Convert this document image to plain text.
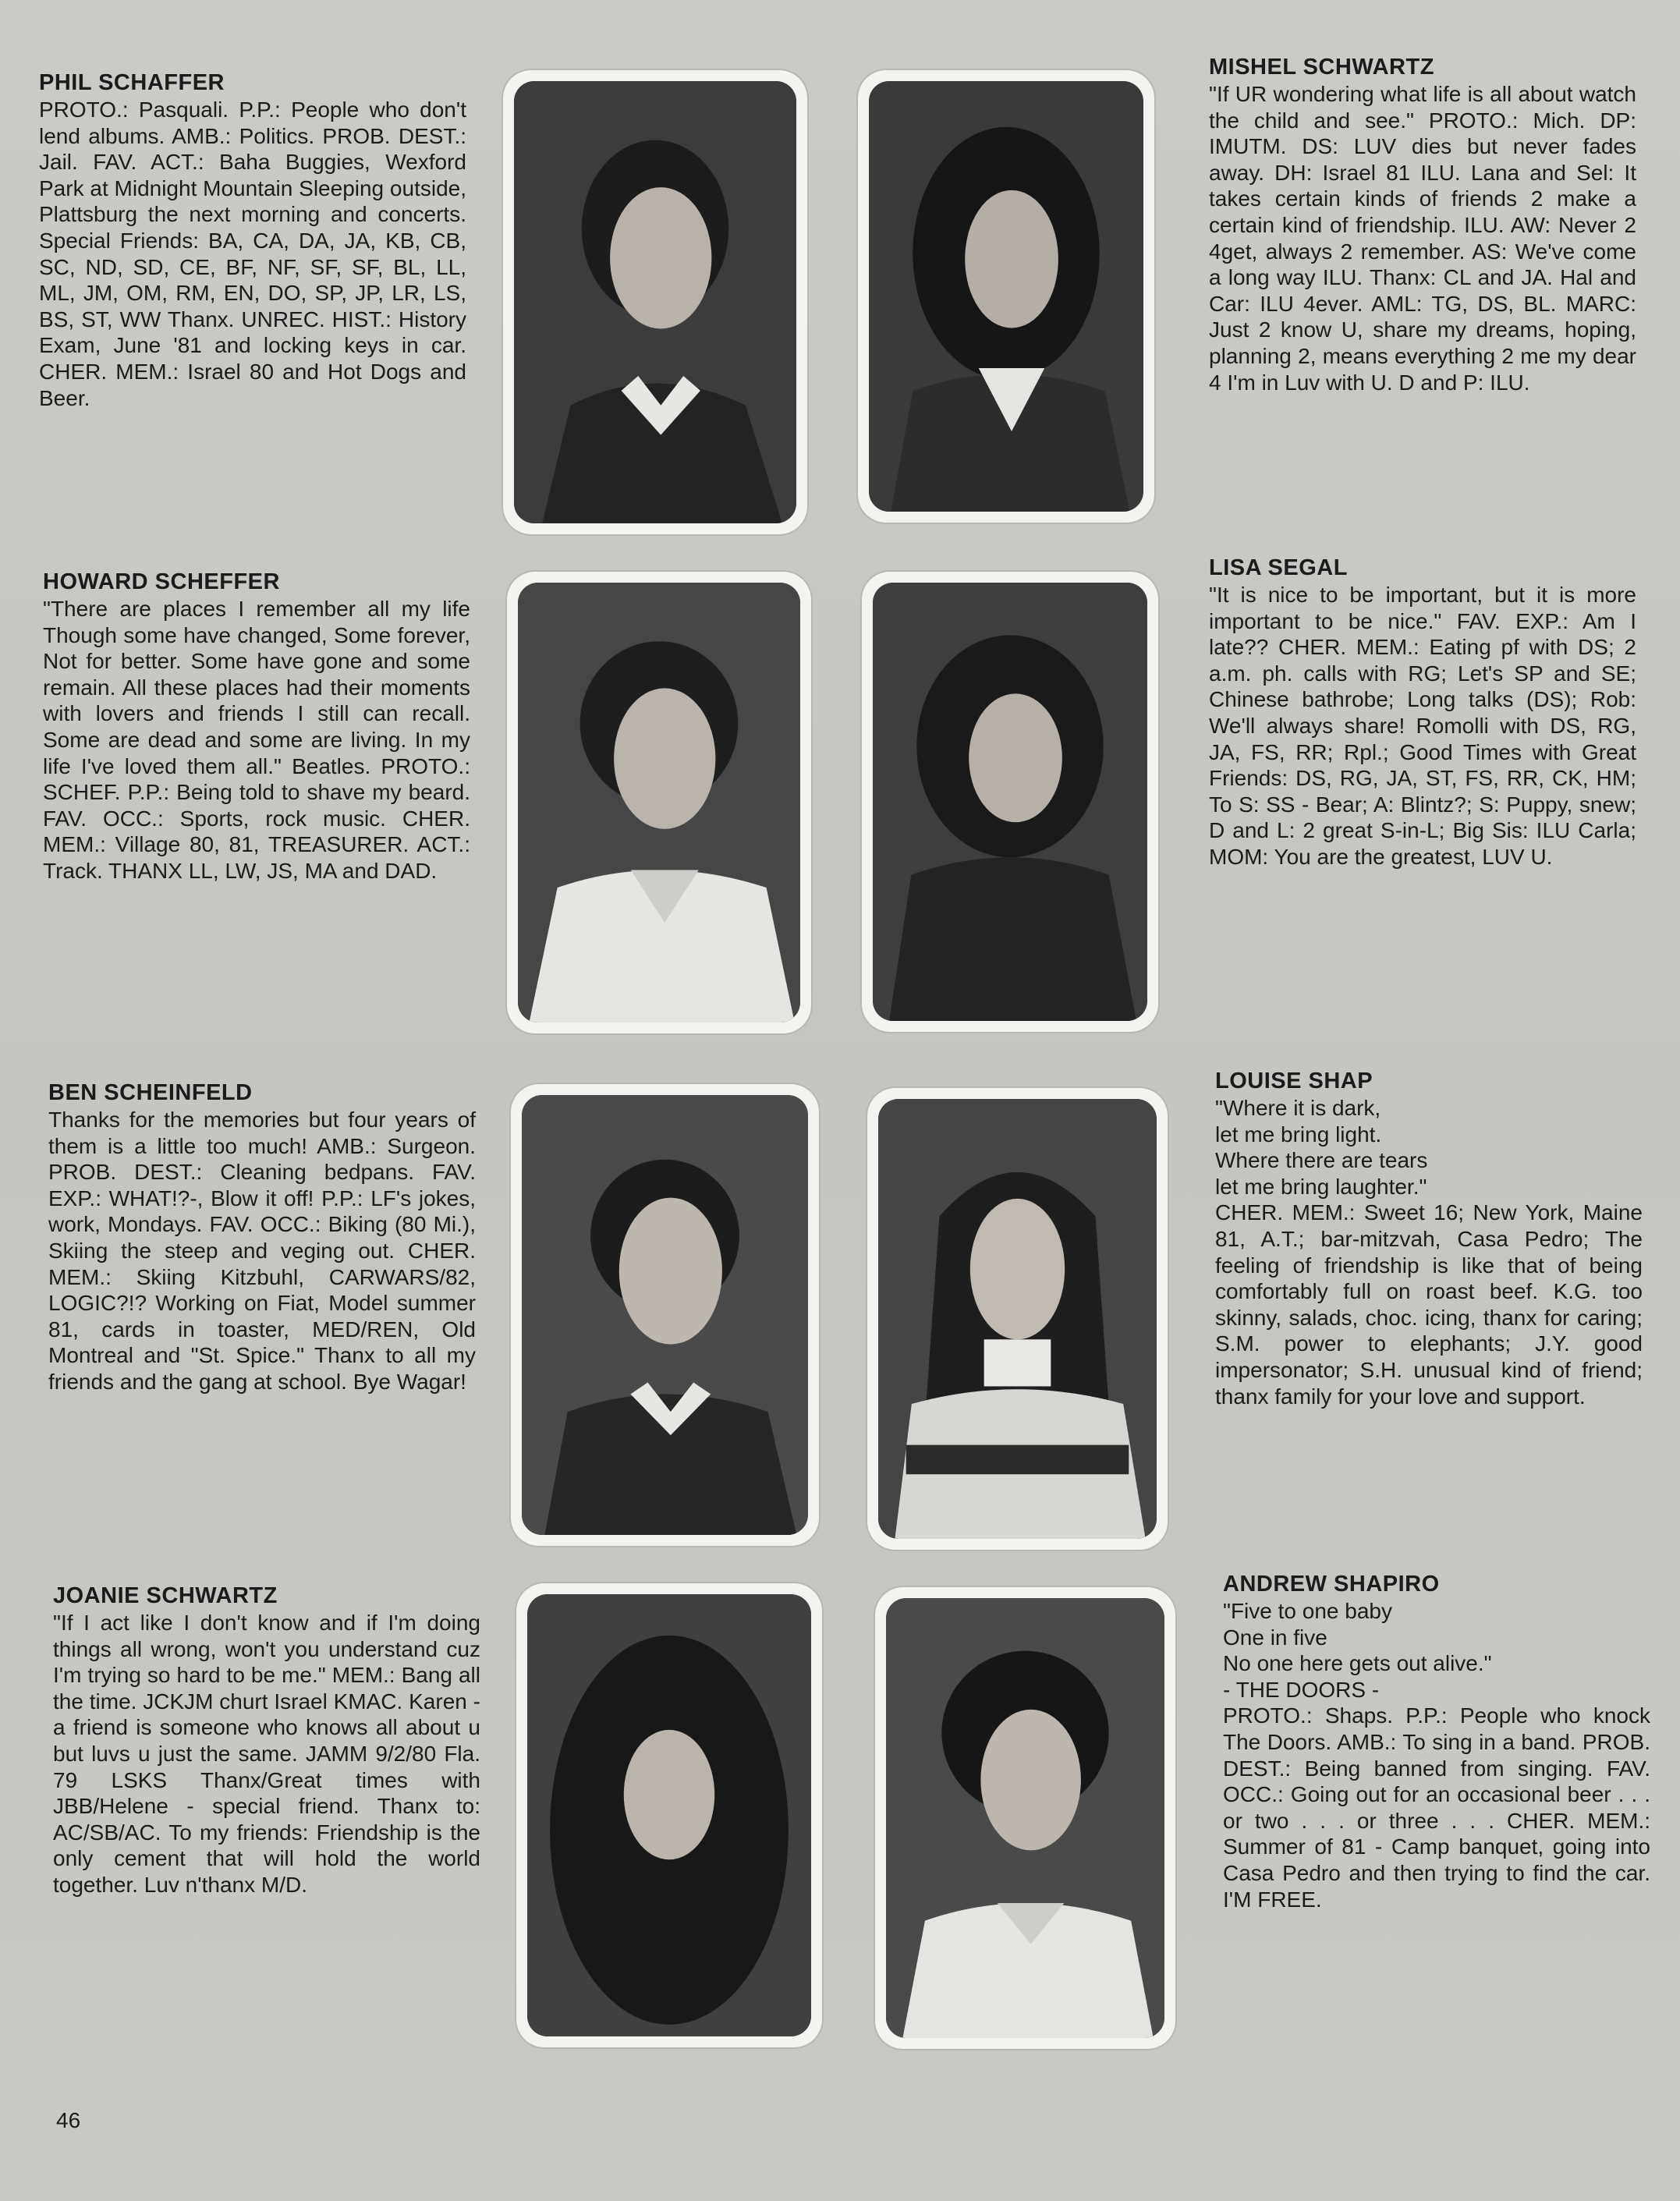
PHIL SCHAFFER

PROTO.: Pasquali. P.P.: People who don't lend albums. AMB.: Politics. PROB. DEST.: Jail. FAV. ACT.: Baha Buggies, Wexford Park at Midnight Mountain Sleeping outside, Plattsburg the next morning and concerts. Special Friends: BA, CA, DA, JA, KB, CB, SC, ND, SD, CE, BF, NF, SF, SF, BL, LL, ML, JM, OM, RM, EN, DO, SP, JP, LR, LS, BS, ST, WW Thanx. UNREC. HIST.: History Exam, June '81 and locking keys in car. CHER. MEM.: Israel 80 and Hot Dogs and Beer.

MISHEL SCHWARTZ

"If UR wondering what life is all about watch the child and see." PROTO.: Mich. DP: IMUTM. DS: LUV dies but never fades away. DH: Israel 81 ILU. Lana and Sel: It takes certain kinds of friends 2 make a certain kind of friendship. ILU. AW: Never 2 4get, always 2 remember. AS: We've come a long way ILU. Thanx: CL and JA. Hal and Car: ILU 4ever. AML: TG, DS, BL. MARC: Just 2 know U, share my dreams, hoping, planning 2, means everything 2 me my dear 4 I'm in Luv with U. D and P: ILU.

HOWARD SCHEFFER

"There are places I remember all my life Though some have changed, Some forever, Not for better. Some have gone and some remain. All these places had their moments with lovers and friends I still can recall. Some are dead and some are living. In my life I've loved them all." Beatles. PROTO.: SCHEF. P.P.: Being told to shave my beard. FAV. OCC.: Sports, rock music. CHER. MEM.: Village 80, 81, TREASURER. ACT.: Track. THANX LL, LW, JS, MA and DAD.

LISA SEGAL

"It is nice to be important, but it is more important to be nice." FAV. EXP.: Am I late?? CHER. MEM.: Eating pf with DS; 2 a.m. ph. calls with RG; Let's SP and SE; Chinese bathrobe; Long talks (DS); Rob: We'll always share! Romolli with DS, RG, JA, FS, RR; Rpl.; Good Times with Great Friends: DS, RG, JA, ST, FS, RR, CK, HM; To S: SS - Bear; A: Blintz?; S: Puppy, snew; D and L: 2 great S-in-L; Big Sis: ILU Carla; MOM: You are the greatest, LUV U.

BEN SCHEINFELD

Thanks for the memories but four years of them is a little too much! AMB.: Surgeon. PROB. DEST.: Cleaning bedpans. FAV. EXP.: WHAT!?-, Blow it off! P.P.: LF's jokes, work, Mondays. FAV. OCC.: Biking (80 Mi.), Skiing the steep and veging out. CHER. MEM.: Skiing Kitzbuhl, CARWARS/82, LOGIC?!? Working on Fiat, Model summer 81, cards in toaster, MED/REN, Old Montreal and "St. Spice." Thanx to all my friends and the gang at school. Bye Wagar!

LOUISE SHAP

"Where it is dark,
let me bring light.
Where there are tears
let me bring laughter."
CHER. MEM.: Sweet 16; New York, Maine 81, A.T.; bar-mitzvah, Casa Pedro; The feeling of friendship is like that of being comfortably full on roast beef. K.G. too skinny, salads, choc. icing, thanx for caring; S.M. power to elephants; J.Y. good impersonator; S.H. unusual kind of friend; thanx family for your love and support.

JOANIE SCHWARTZ

"If I act like I don't know and if I'm doing things all wrong, won't you understand cuz I'm trying so hard to be me." MEM.: Bang all the time. JCKJM churt Israel KMAC. Karen - a friend is someone who knows all about u but luvs u just the same. JAMM 9/2/80 Fla. 79 LSKS Thanx/Great times with JBB/Helene - special friend. Thanx to: AC/SB/AC. To my friends: Friendship is the only cement that will hold the world together. Luv n'thanx M/D.

ANDREW SHAPIRO

"Five to one baby
One in five
No one here gets out alive."
- THE DOORS -
PROTO.: Shaps. P.P.: People who knock The Doors. AMB.: To sing in a band. PROB. DEST.: Being banned from singing. FAV. OCC.: Going out for an occasional beer . . . or two . . . or three . . . CHER. MEM.: Summer of 81 - Camp banquet, going into Casa Pedro and then trying to find the car. I'M FREE.

46
